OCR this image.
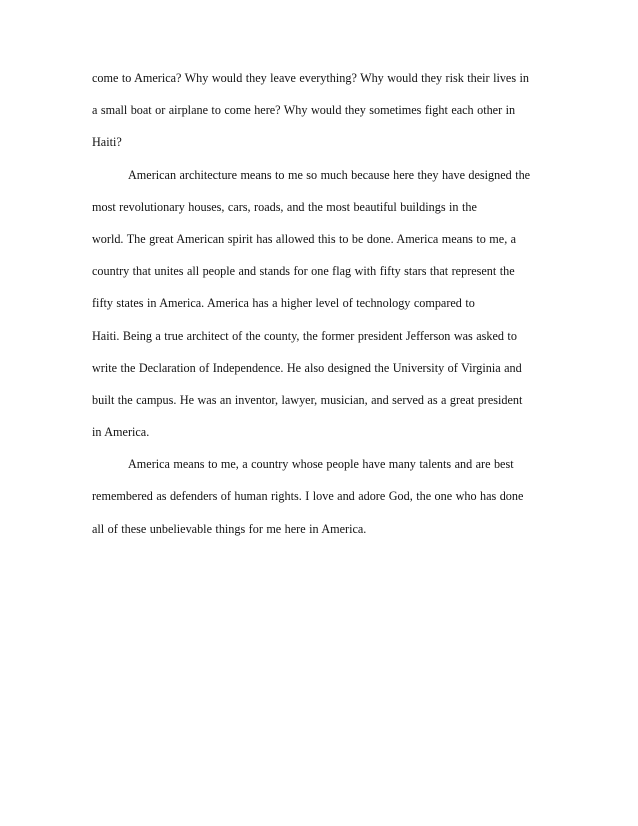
come to America? Why would they leave everything? Why would they risk their lives in
a small boat or airplane to come here? Why would they sometimes fight each other in
Haiti?
American architecture means to me so much because here they have designed the
most revolutionary houses, cars, roads, and the most beautiful buildings in the
world. The great American spirit has allowed this to be done. America means to me, a
country that unites all people and stands for one flag with fifty stars that represent the
fifty states in America. America has a higher level of technology compared to
Haiti. Being a true architect of the county, the former president Jefferson was asked to
write the Declaration of Independence. He also designed the University of Virginia and
built the campus. He was an inventor, lawyer, musician, and served as a great president
in America.
America means to me, a country whose people have many talents and are best
remembered as defenders of human rights. I love and adore God, the one who has done
all of these unbelievable things for me here in America.
